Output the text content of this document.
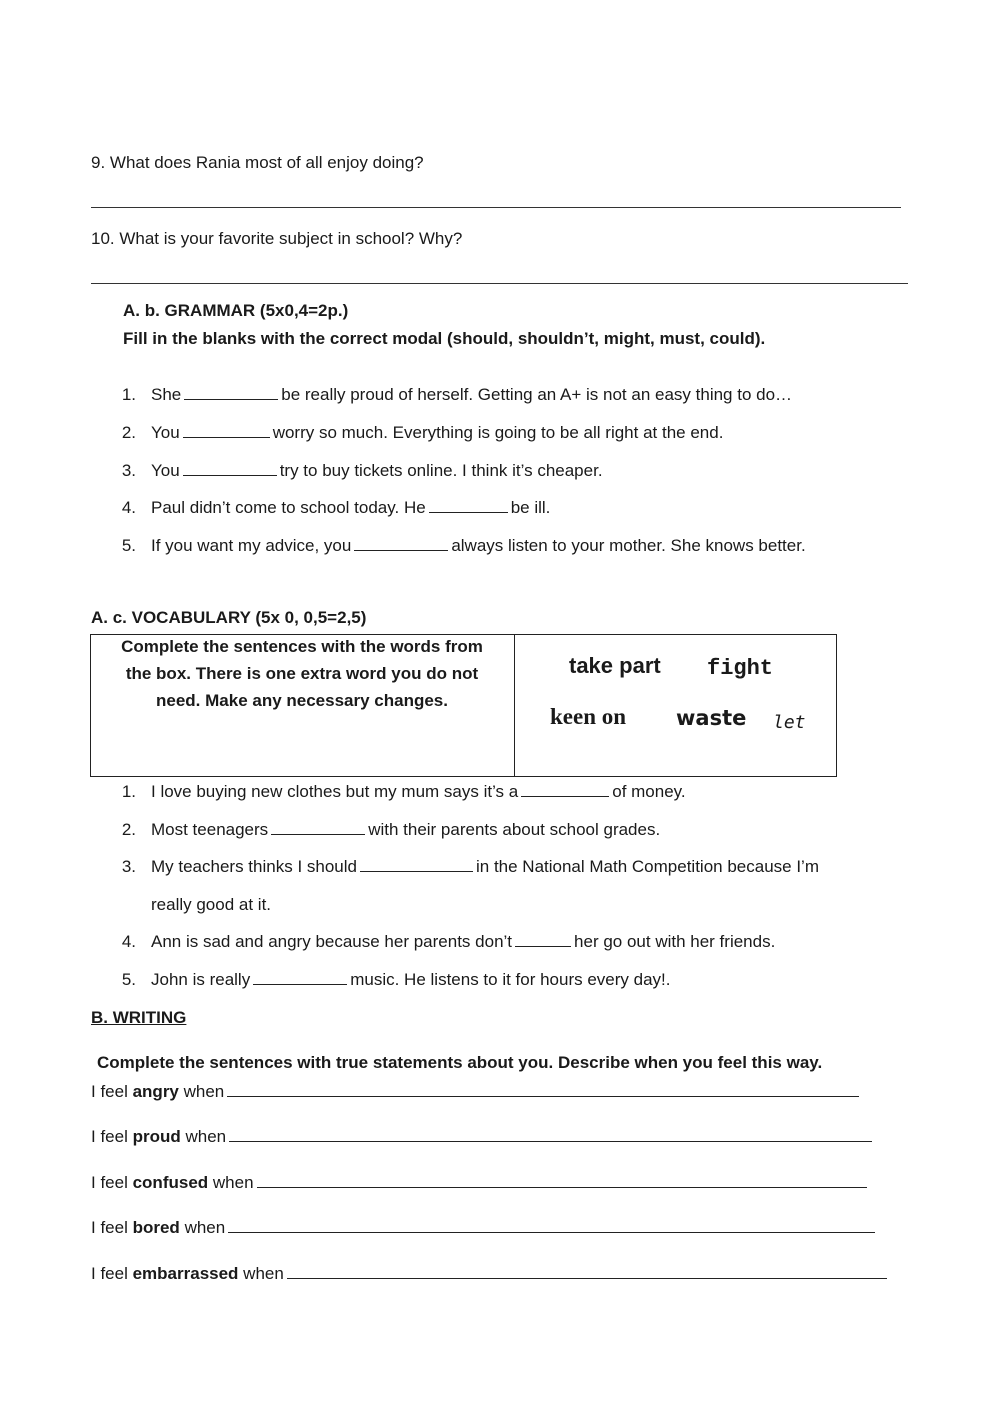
9. What does Rania most of all enjoy doing?
10. What is your favorite subject in school? Why?
A. b. GRAMMAR (5x0,4=2p.)
Fill in the blanks with the correct modal (should, shouldn’t, might, must, could).
1. She	be really proud of herself. Getting an A+ is not an easy thing to do…
2. You	worry so much. Everything is going to be all right at the end.
3. You	try to buy tickets online. I think it’s cheaper.
4. Paul didn’t come to school today. He	be ill.
5. If you want my advice, you	always listen to your mother. She knows better.
A. c. VOCABULARY (5x 0, 0,5=2,5)
Complete the sentences with the words from
the box. There is one extra word you do not
need. Make any necessary changes.
take part fight
keen on waste let
1. I love buying new clothes but my mum says it’s a	of money.
2. Most teenagers	with their parents about school grades.
3. My teachers thinks I should	in the National Math Competition because I’m
really good at it.
4. Ann is sad and angry because her parents don’t	her go out with her friends.
5. John is really	music. He listens to it for hours every day!.
B. WRITING
Complete the sentences with true statements about you. Describe when you feel this way.
I feel angry when
I feel proud when
I feel confused when
I feel bored when
I feel embarrassed when
